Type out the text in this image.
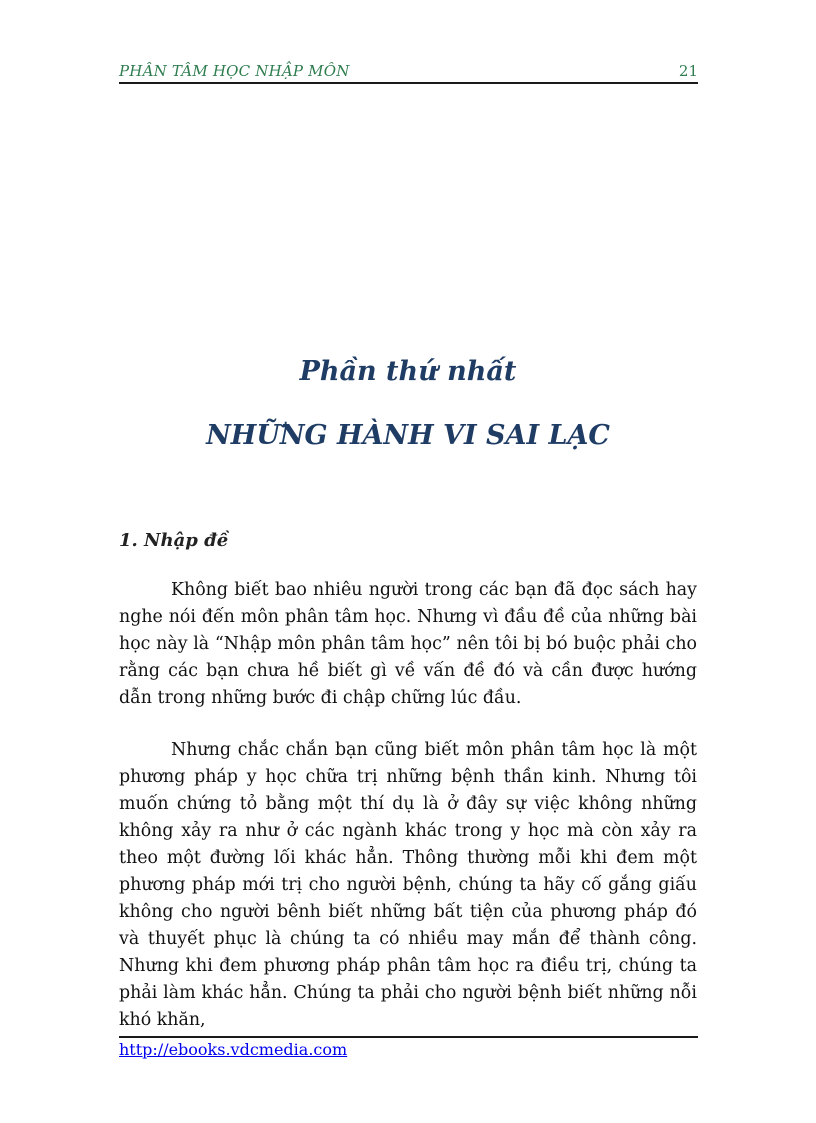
PHÂN TÂM HỌC NHẬP MÔN	21
Phần thứ nhất
NHỮNG HÀNH VI SAI LẠC
1. Nhập đề

Không biết bao nhiêu người trong các bạn đã đọc sách hay nghe nói đến môn phân tâm học. Nhưng vì đầu đề của những bài học này là “Nhập môn phân tâm học” nên tôi bị bó buộc phải cho rằng các bạn chưa hề biết gì về vấn đề đó và cần được hướng dẫn trong những bước đi chập chững lúc đầu.

Nhưng chắc chắn bạn cũng biết môn phân tâm học là một phương pháp y học chữa trị những bệnh thần kinh. Nhưng tôi muốn chứng tỏ bằng một thí dụ là ở đây sự việc không những không xảy ra như ở các ngành khác trong y học mà còn xảy ra theo một đường lối khác hẳn. Thông thường mỗi khi đem một phương pháp mới trị cho người bệnh, chúng ta hãy cố gắng giấu không cho người bênh biết những bất tiện của phương pháp đó và thuyết phục là chúng ta có nhiều may mắn để thành công. Nhưng khi đem phương pháp phân tâm học ra điều trị, chúng ta phải làm khác hẳn. Chúng ta phải cho người bệnh biết những nỗi khó khăn,

http://ebooks.vdcmedia.com
